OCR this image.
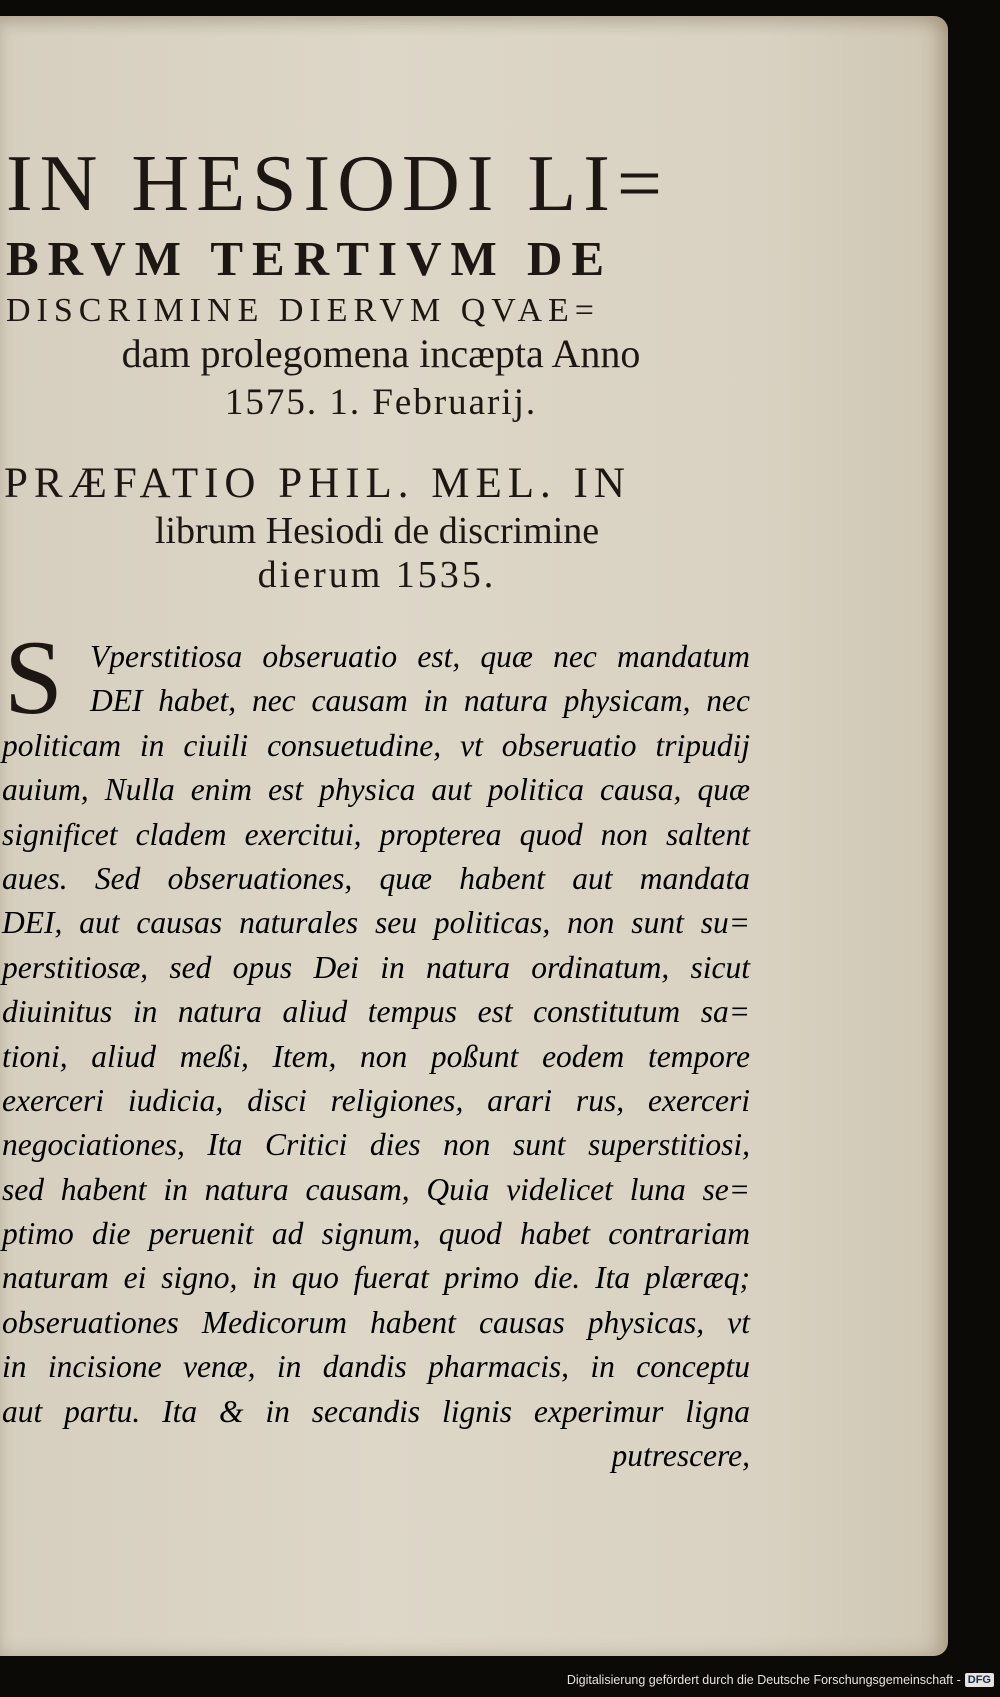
IN HESIODI LI=
BRVM TERTIVM DE
DISCRIMINE DIERVM QVAE=
dam prolegomena incæpta Anno
1575. 1. Februarij.
PRÆFATIO PHIL. MEL. IN
librum Hesiodi de discrimine
dierum 1535.
S Vperstitiosa obseruatio est, quæ nec mandatum
DEI habet, nec causam in natura physicam, nec
politicam in ciuili consuetudine, vt obseruatio tripudij
auium, Nulla enim est physica aut politica causa, quæ
significet cladem exercitui, propterea quod non saltent
aues. Sed obseruationes, quæ habent aut mandata
DEI, aut causas naturales seu politicas, non sunt su=
perstitiosæ, sed opus Dei in natura ordinatum, sicut
diuinitus in natura aliud tempus est constitutum sa=
tioni, aliud meßi, Item, non poßunt eodem tempore
exerceri iudicia, disci religiones, arari rus, exerceri
negociationes, Ita Critici dies non sunt superstitiosi,
sed habent in natura causam, Quia videlicet luna se=
ptimo die peruenit ad signum, quod habet contrariam
naturam ei signo, in quo fuerat primo die. Ita plæræq;
obseruationes Medicorum habent causas physicas, vt
in incisione venæ, in dandis pharmacis, in conceptu
aut partu. Ita & in secandis lignis experimur ligna
putrescere,
Digitalisierung gefördert durch die Deutsche Forschungsgemeinschaft - DFG
